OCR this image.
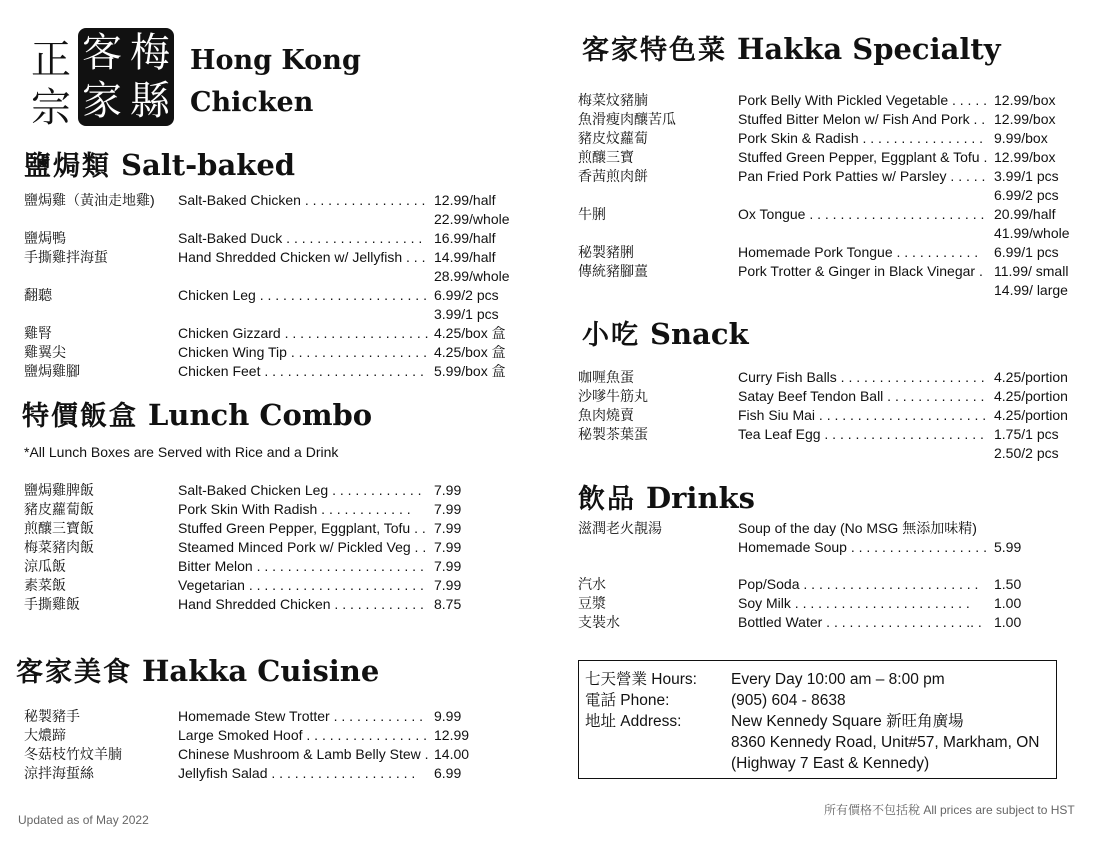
正
宗
客 梅
家 縣
Hong Kong
Chicken
鹽焗類 Salt-baked
鹽焗雞（黃油走地雞) Salt-Baked Chicken . . . . . . . . . . . . . . . . 12.99/half
22.99/whole
鹽焗鴨	Salt-Baked Duck . . . . . . . . . . . . . . . . . . 16.99/half
手撕雞拌海蜇	Hand Shredded Chicken w/ Jellyfish . . . 14.99/half
28.99/whole
翻聽	Chicken Leg . . . . . . . . . . . . . . . . . . . . . . 6.99/2 pcs
3.99/1 pcs
雞腎	Chicken Gizzard . . . . . . . . . . . . . . . . . . . 4.25/box 盒
雞翼尖	Chicken Wing Tip . . . . . . . . . . . . . . . . . . 4.25/box 盒
鹽焗雞腳	Chicken Feet . . . . . . . . . . . . . . . . . . . . . 5.99/box 盒
特價飯盒 Lunch Combo
*All Lunch Boxes are Served with Rice and a Drink
鹽焗雞脾飯	Salt-Baked Chicken Leg . . . . . . . . . . . . 7.99
豬皮蘿蔔飯	Pork Skin With Radish . . . . . . . . . . . . 7.99
煎釀三寶飯	Stuffed Green Pepper, Eggplant, Tofu . . 7.99
梅菜豬肉飯	Steamed Minced Pork w/ Pickled Veg . . 7.99
涼瓜飯	Bitter Melon . . . . . . . . . . . . . . . . . . . . . . 7.99
素菜飯	Vegetarian . . . . . . . . . . . . . . . . . . . . . . . 7.99
手撕雞飯	Hand Shredded Chicken . . . . . . . . . . . . 8.75
客家美食 Hakka Cuisine
秘製豬手	Homemade Stew Trotter . . . . . . . . . . . . 9.99
大燶蹄	Large Smoked Hoof . . . . . . . . . . . . . . . . 12.99
冬菇枝竹炆羊腩	Chinese Mushroom & Lamb Belly Stew . 14.00
涼拌海蜇絲	Jellyfish Salad . . . . . . . . . . . . . . . . . . . 6.99
Updated as of May 2022
客家特色菜 Hakka Specialty
梅菜炆豬腩	Pork Belly With Pickled Vegetable . . . . . 12.99/box
魚滑瘦肉釀苦瓜	Stuffed Bitter Melon w/ Fish And Pork . . 12.99/box
豬皮炆蘿蔔	Pork Skin & Radish . . . . . . . . . . . . . . . . 9.99/box
煎釀三寶	Stuffed Green Pepper, Eggplant & Tofu . 12.99/box
香茜煎肉餅	Pan Fried Pork Patties w/ Parsley . . . . . 3.99/1 pcs
6.99/2 pcs
牛脷	Ox Tongue . . . . . . . . . . . . . . . . . . . . . . . 20.99/half
41.99/whole
秘製豬脷	Homemade Pork Tongue . . . . . . . . . . . 6.99/1 pcs
傳統豬腳薑	Pork Trotter & Ginger in Black Vinegar . 11.99/ small
14.99/ large
小吃 Snack
咖喱魚蛋	Curry Fish Balls . . . . . . . . . . . . . . . . . . . 4.25/portion
沙嗲牛筋丸	Satay Beef Tendon Ball . . . . . . . . . . . . . 4.25/portion
魚肉燒賣	Fish Siu Mai . . . . . . . . . . . . . . . . . . . . . . 4.25/portion
秘製茶葉蛋	Tea Leaf Egg . . . . . . . . . . . . . . . . . . . . . 1.75/1 pcs
2.50/2 pcs
飲品 Drinks
滋潤老火靚湯	Soup of the day (No MSG 無添加味精)
Homemade Soup . . . . . . . . . . . . . . . . . . 5.99
汽水	Pop/Soda . . . . . . . . . . . . . . . . . . . . . . . 1.50
豆漿	Soy Milk . . . . . . . . . . . . . . . . . . . . . . . 1.00
支裝水	Bottled Water . . . . . . . . . . . . . . . . . . .. . 1.00
七天營業 Hours: Every Day 10:00 am – 8:00 pm
電話 Phone:	(905) 604 - 8638
地址 Address:	New Kennedy Square 新旺角廣場
8360 Kennedy Road, Unit#57, Markham, ON
(Highway 7 East & Kennedy)
所有價格不包括稅 All prices are subject to HST
